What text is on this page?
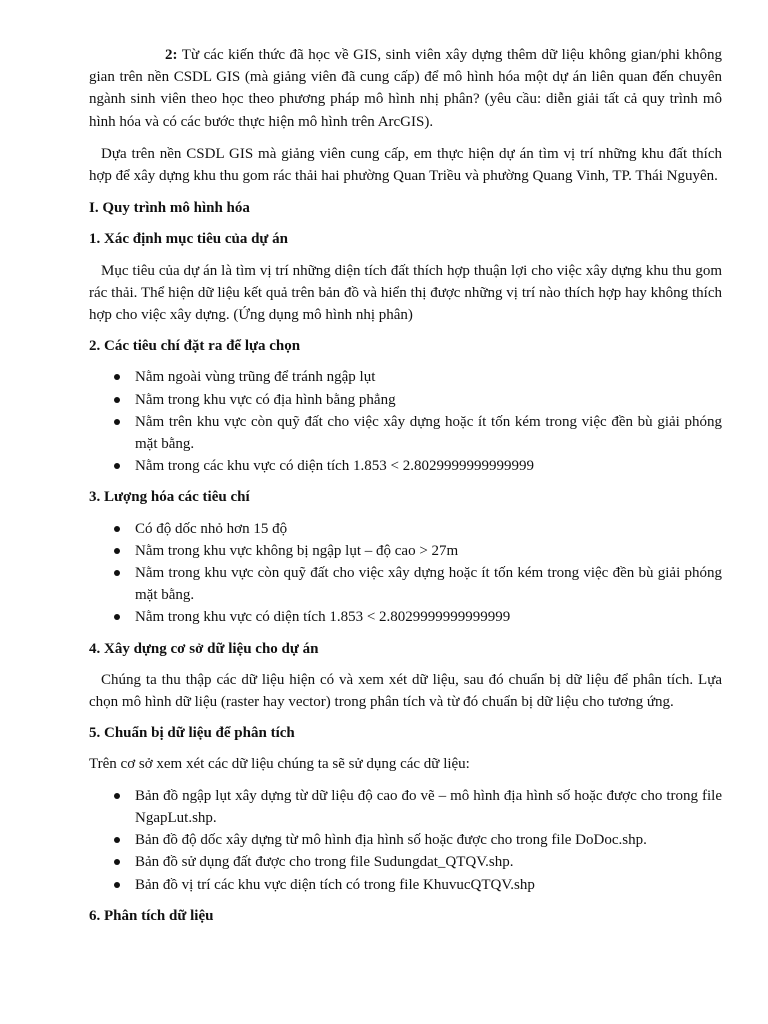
2: Từ các kiến thức đã học về GIS, sinh viên xây dựng thêm dữ liệu không gian/phi không gian trên nền CSDL GIS (mà giảng viên đã cung cấp) để mô hình hóa một dự án liên quan đến chuyên ngành sinh viên theo học theo phương pháp mô hình nhị phân? (yêu cầu: diễn giải tất cả quy trình mô hình hóa và có các bước thực hiện mô hình trên ArcGIS).

Dựa trên nền CSDL GIS mà giảng viên cung cấp, em thực hiện dự án tìm vị trí những khu đất thích hợp để xây dựng khu thu gom rác thải hai phường Quan Triều và phường Quang Vinh, TP. Thái Nguyên.

I. Quy trình mô hình hóa

1. Xác định mục tiêu của dự án

Mục tiêu của dự án là tìm vị trí những diện tích đất thích hợp thuận lợi cho việc xây dựng khu thu gom rác thải. Thể hiện dữ liệu kết quả trên bản đồ và hiển thị được những vị trí nào thích hợp hay không thích hợp cho việc xây dựng. (Ứng dụng mô hình nhị phân)

2. Các tiêu chí đặt ra để lựa chọn

Nằm ngoài vùng trũng để tránh ngập lụt
Nằm trong khu vực có địa hình bằng phẳng
Nằm trên khu vực còn quỹ đất cho việc xây dựng hoặc ít tốn kém trong việc đền bù giải phóng mặt bằng.
Nằm trong các khu vực có diện tích 1.853 < 2.8029999999999999

3. Lượng hóa các tiêu chí

Có độ dốc nhỏ hơn 15 độ
Nằm trong khu vực không bị ngập lụt – độ cao > 27m
Nằm trong khu vực còn quỹ đất cho việc xây dựng hoặc ít tốn kém trong việc đền bù giải phóng mặt bằng.
Nằm trong khu vực có diện tích 1.853 < 2.8029999999999999

4. Xây dựng cơ sở dữ liệu cho dự án

Chúng ta thu thập các dữ liệu hiện có và xem xét dữ liệu, sau đó chuẩn bị dữ liệu để phân tích. Lựa chọn mô hình dữ liệu (raster hay vector) trong phân tích và từ đó chuẩn bị dữ liệu cho tương ứng.

5. Chuẩn bị dữ liệu để phân tích

Trên cơ sở xem xét các dữ liệu chúng ta sẽ sử dụng các dữ liệu:

Bản đồ ngập lụt xây dựng từ dữ liệu độ cao đo vẽ – mô hình địa hình số hoặc được cho trong file NgapLut.shp.
Bản đồ độ dốc xây dựng từ mô hình địa hình số hoặc được cho trong file DoDoc.shp.
Bản đồ sử dụng đất được cho trong file Sudungdat_QTQV.shp.
Bản đồ vị trí các khu vực diện tích có trong file KhuvucQTQV.shp

6. Phân tích dữ liệu
